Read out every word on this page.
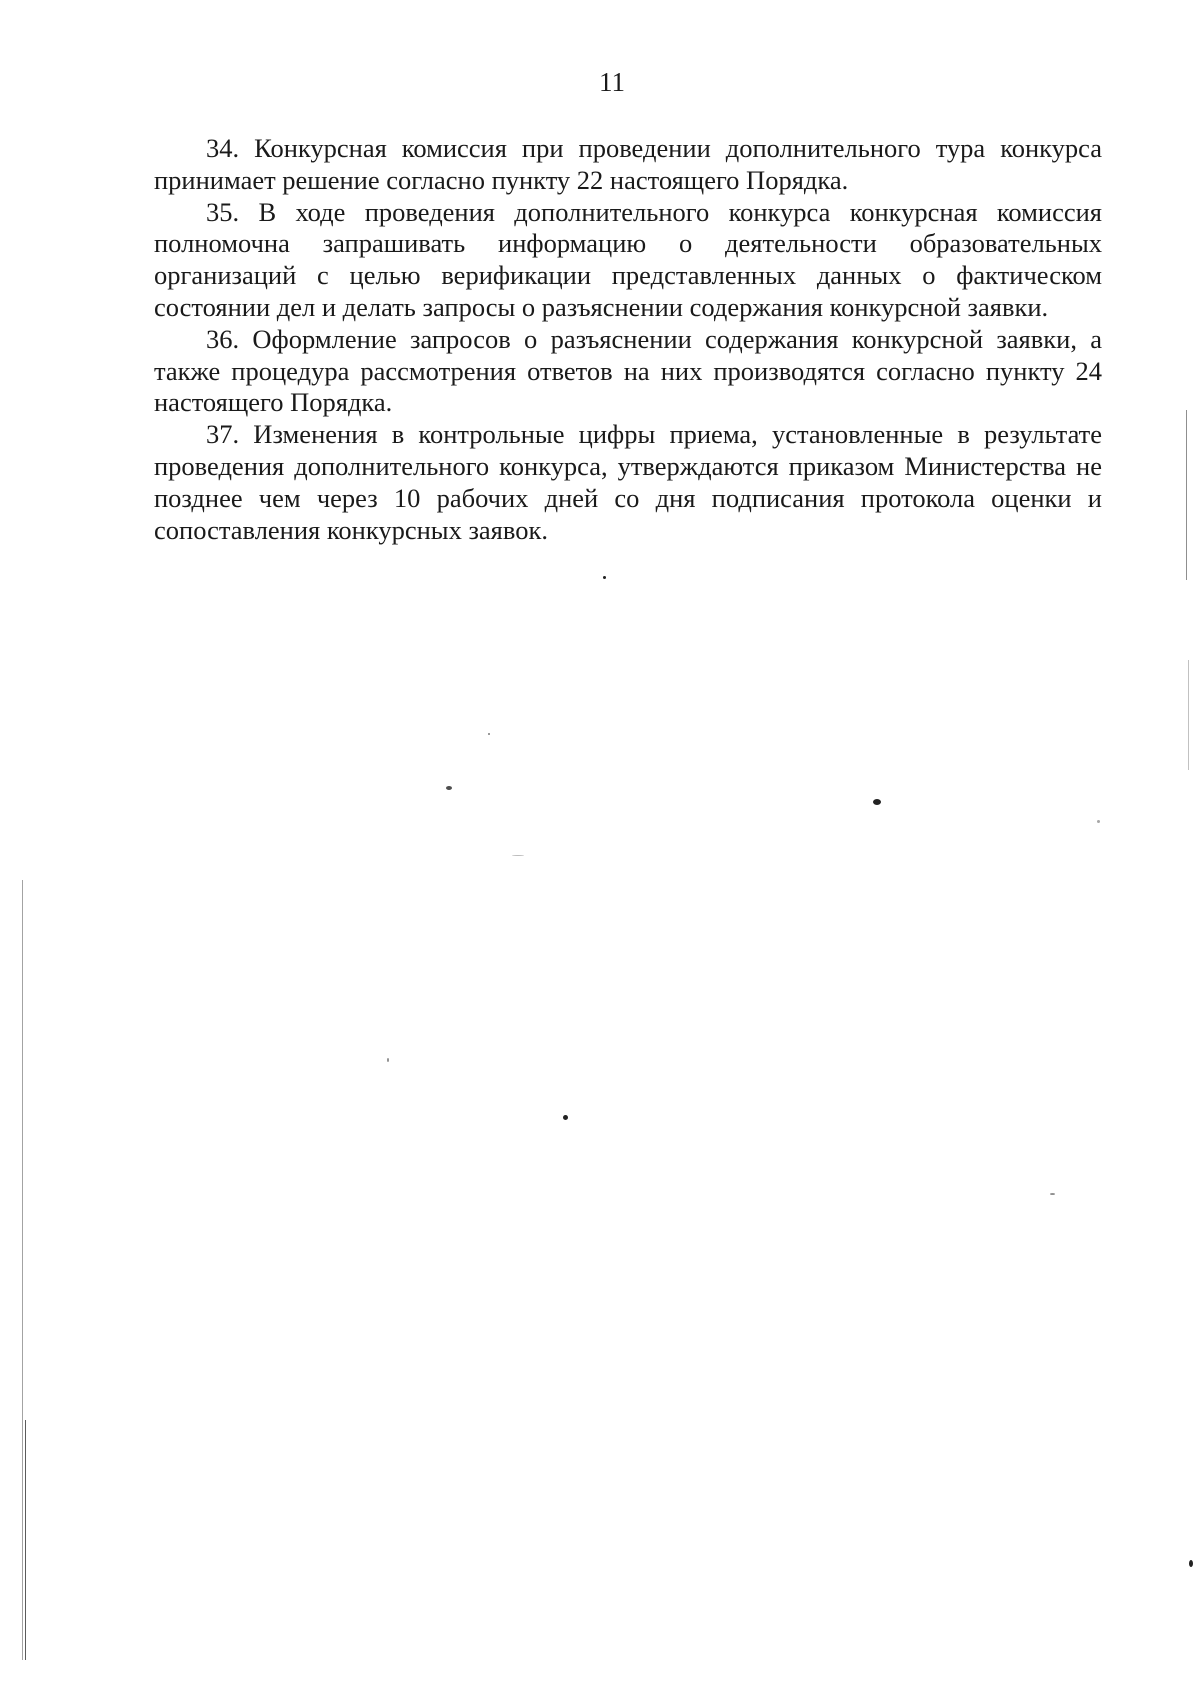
11

34. Конкурсная комиссия при проведении дополнительного тура конкурса принимает решение согласно пункту 22 настоящего Порядка.

35. В ходе проведения дополнительного конкурса конкурсная комиссия полномочна запрашивать информацию о деятельности образовательных организаций с целью верификации представленных данных о фактическом состоянии дел и делать запросы о разъяснении содержания конкурсной заявки.

36. Оформление запросов о разъяснении содержания конкурсной заявки, а также процедура рассмотрения ответов на них производятся согласно пункту 24 настоящего Порядка.

37. Изменения в контрольные цифры приема, установленные в результате проведения дополнительного конкурса, утверждаются приказом Министерства не позднее чем через 10 рабочих дней со дня подписания протокола оценки и сопоставления конкурсных заявок.
